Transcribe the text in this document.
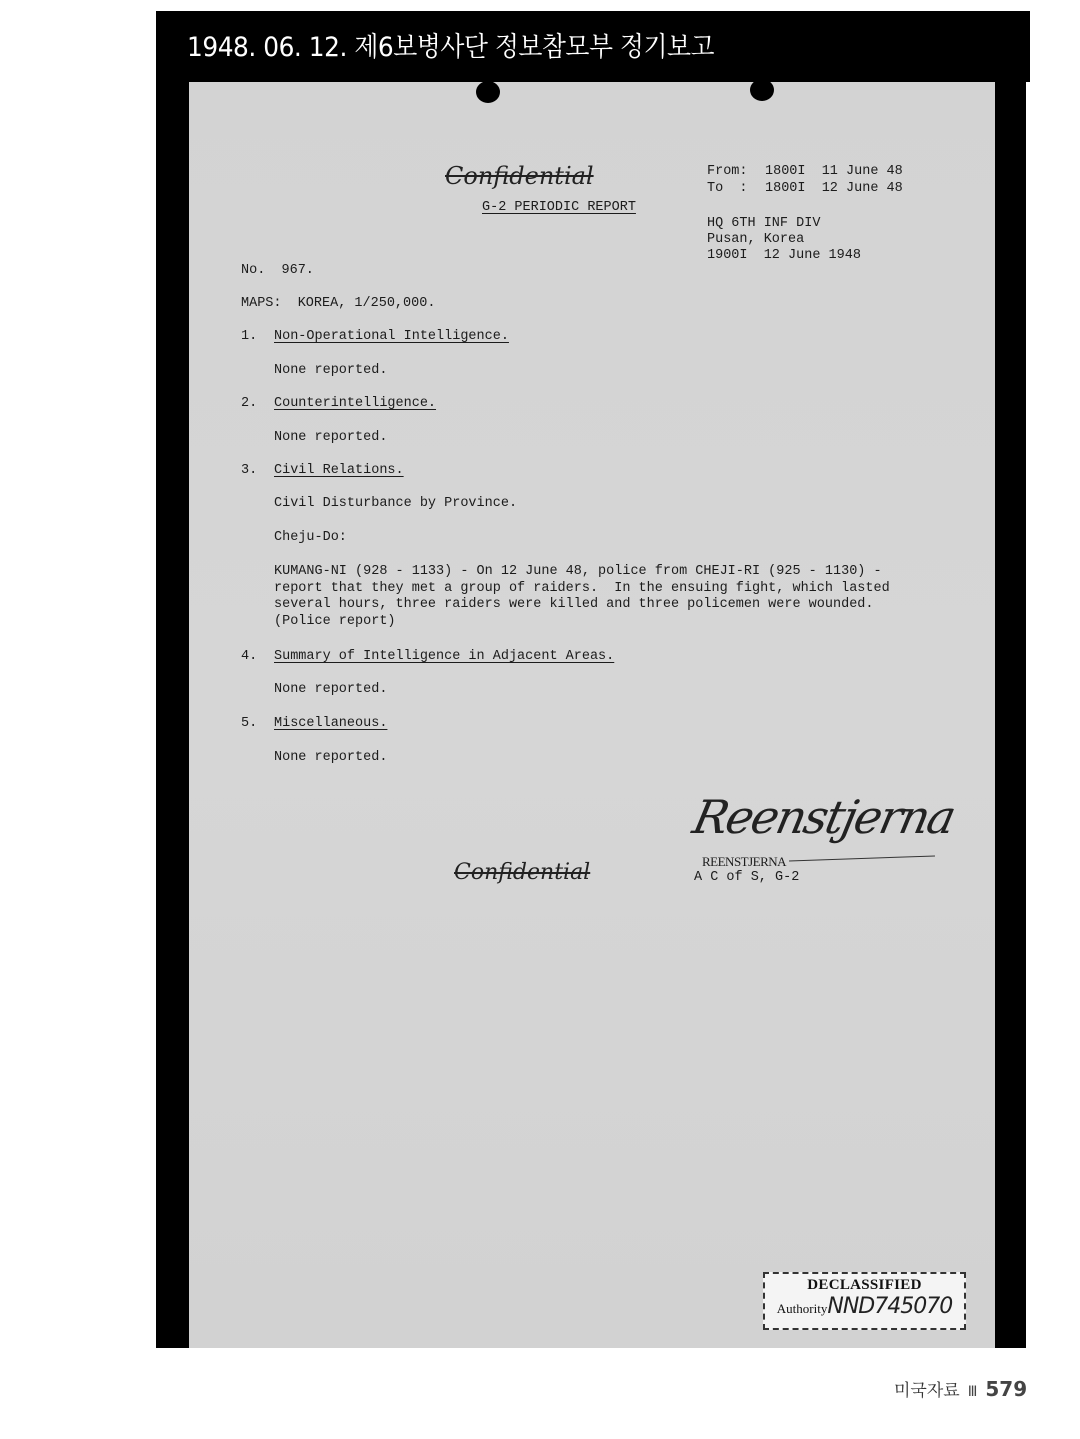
1948. 06. 12. 제6보병사단 정보참모부 정기보고
Confidential
G-2 PERIODIC REPORT
From: 1800I  11 June 48
To  : 1800I  12 June 48
HQ 6TH INF DIV
Pusan, Korea
1900I  12 June 1948
No.  967.
MAPS:  KOREA, 1/250,000.
1. Non-Operational Intelligence.
None reported.
2. Counterintelligence.
None reported.
3. Civil Relations.
Civil Disturbance by Province.
Cheju-Do:
KUMANG-NI (928 - 1133) - On 12 June 48, police from CHEJI-RI (925 - 1130) -
report that they met a group of raiders.  In the ensuing fight, which lasted
several hours, three raiders were killed and three policemen were wounded.
(Police report)
4. Summary of Intelligence in Adjacent Areas.
None reported.
5. Miscellaneous.
None reported.
Reenstjerna
REENSTJERNA
A C of S, G-2
Confidential
DECLASSIFIED
AuthorityNND745070
미국자료 Ⅲ 579
